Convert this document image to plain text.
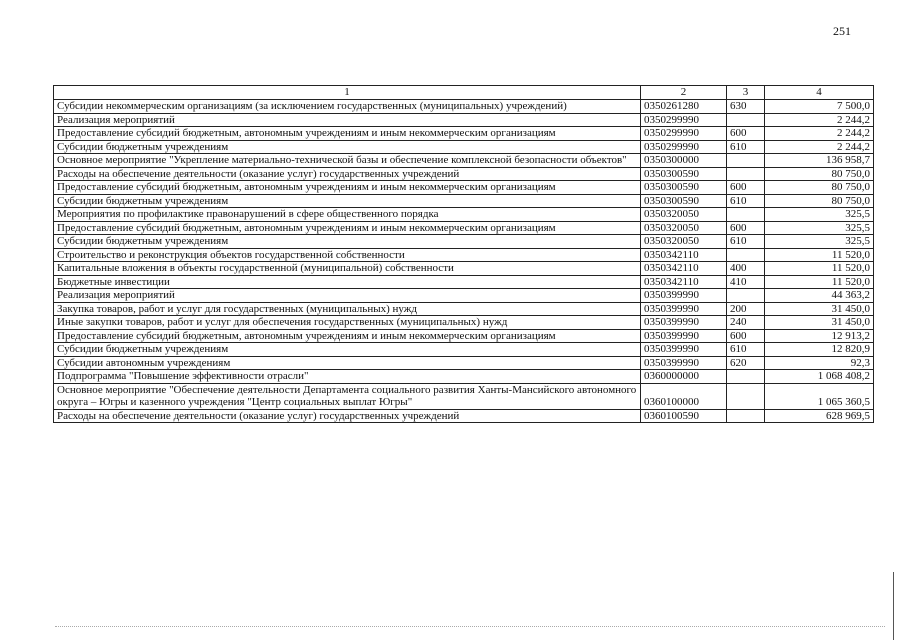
251
1	2	3	4
Субсидии некоммерческим организациям (за исключением государственных (муниципальных) учреждений)	0350261280	630	7 500,0
Реализация мероприятий	0350299990		2 244,2
Предоставление субсидий бюджетным, автономным учреждениям и иным некоммерческим организациям	0350299990	600	2 244,2
Субсидии бюджетным учреждениям	0350299990	610	2 244,2
Основное мероприятие "Укрепление материально-технической базы и обеспечение комплексной безопасности объектов"	0350300000		136 958,7
Расходы на обеспечение деятельности (оказание услуг) государственных учреждений	0350300590		80 750,0
Предоставление субсидий бюджетным, автономным учреждениям и иным некоммерческим организациям	0350300590	600	80 750,0
Субсидии бюджетным учреждениям	0350300590	610	80 750,0
Мероприятия по профилактике правонарушений в сфере общественного порядка	0350320050		325,5
Предоставление субсидий бюджетным, автономным учреждениям и иным некоммерческим организациям	0350320050	600	325,5
Субсидии бюджетным учреждениям	0350320050	610	325,5
Строительство и реконструкция объектов государственной собственности	0350342110		11 520,0
Капитальные вложения в объекты государственной (муниципальной) собственности	0350342110	400	11 520,0
Бюджетные инвестиции	0350342110	410	11 520,0
Реализация мероприятий	0350399990		44 363,2
Закупка товаров, работ и услуг для государственных (муниципальных) нужд	0350399990	200	31 450,0
Иные закупки товаров, работ и услуг для обеспечения государственных (муниципальных) нужд	0350399990	240	31 450,0
Предоставление субсидий бюджетным, автономным учреждениям и иным некоммерческим организациям	0350399990	600	12 913,2
Субсидии бюджетным учреждениям	0350399990	610	12 820,9
Субсидии автономным учреждениям	0350399990	620	92,3
Подпрограмма "Повышение эффективности отрасли"	0360000000		1 068 408,2
Основное мероприятие "Обеспечение деятельности Департамента социального развития Ханты-Мансийского автономного округа – Югры и казенного учреждения "Центр социальных выплат Югры"	0360100000		1 065 360,5
Расходы на обеспечение деятельности (оказание услуг) государственных учреждений	0360100590		628 969,5
